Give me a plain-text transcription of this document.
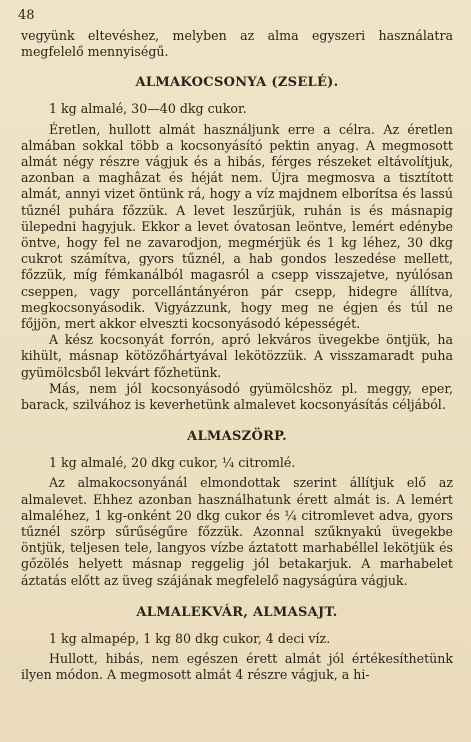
48

vegyünk eltevéshez, melyben az alma egyszeri használatra megfelelő mennyiségű.

ALMAKOCSONYA (ZSELÉ).
1 kg almalé, 30—40 dkg cukor.

Éretlen, hullott almát használjunk erre a célra. Az éretlen almában sokkal több a kocsonyásító pektin anyag. A megmosott almát négy részre vágjuk és a hibás, férges részeket eltávolítjuk, azonban a maghâzat és héját nem. Újra megmosva a tisztított almát, annyi vizet öntünk rá, hogy a víz majdnem elborítsa és lassú tűznél puhára főzzük. A levet leszűrjük, ruhán is és másnapig ülepedni hagyjuk. Ekkor a levet óvatosan leöntve, lemért edénybe öntve, hogy fel ne zavarodjon, megmérjük és 1 kg léhez, 30 dkg cukrot számítva, gyors tűznél, a hab gondos leszedése mellett, főzzük, míg fémkanálból magasról a csepp visszajetve, nyúlósan cseppen, vagy porcellántányéron pár csepp, hidegre állítva, megkocsonyásodik. Vigyázzunk, hogy meg ne égjen és túl ne főjjön, mert akkor elveszti kocsonyásodó képességét.

A kész kocsonyát forrón, apró lekváros üvegekbe öntjük, ha kihült, másnap kötözőhártyával lekötözzük. A visszamaradt puha gyümölcsből lekvárt főzhetünk.

Más, nem jól kocsonyásodó gyümölcshöz pl. meggy, eper, barack, szilvához is keverhetünk almalevet kocsonyásítás céljából.

ALMASZÖRP.
1 kg almalé, 20 dkg cukor, ¼ citromlé.

Az almakocsonyánál elmondottak szerint állítjuk elő az almalevet. Ehhez azonban használhatunk érett almát is. A lemért almaléhez, 1 kg-onként 20 dkg cukor és ¼ citromlevet adva, gyors tűznél szörp sűrűségűre főzzük. Azonnal szűknyakú üvegekbe öntjük, teljesen tele, langyos vízbe áztatott marhabéllel lekötjük és gőzölés helyett másnap reggelig jól betakarjuk. A marhabelet áztatás előtt az üveg szájának megfelelő nagyságúra vágjuk.

ALMALEKVÁR, ALMASAJT.
1 kg almapép, 1 kg 80 dkg cukor, 4 deci víz.

Hullott, hibás, nem egészen érett almát jól értékesíthetünk ilyen módon. A megmosott almát 4 részre vágjuk, a hi-
